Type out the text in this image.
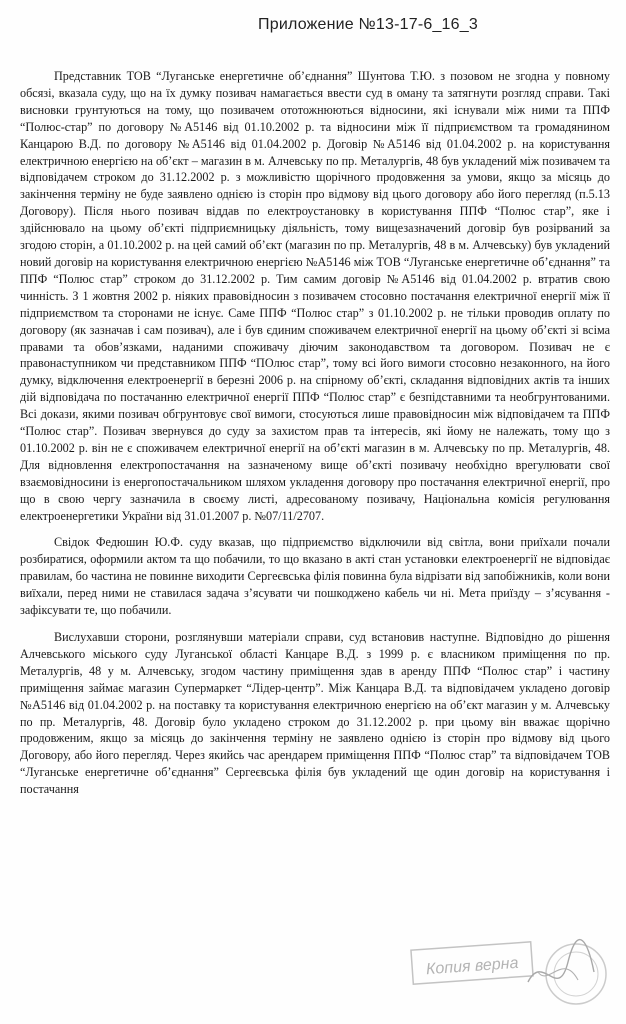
Приложение №13-17-6_16_3

Представник ТОВ “Луганське енергетичне об’єднання” Шунтова Т.Ю. з позовом не згодна у повному обсязі, вказала суду, що на їх думку позивач намагається ввести суд в оману та затягнути розгляд справи. Такі висновки грунтуються на тому, що позивачем ототожнюються відносини, які існували між ними та ППФ “Полюс-стар” по договору №А5146 від 01.10.2002 р. та відносини між її підприємством та громадянином Канцарою В.Д. по договору №А5146 від 01.04.2002 р. Договір №А5146 від 01.04.2002 р. на користування електричною енергією на об’єкт – магазин в м. Алчевську по пр. Металургів, 48 був укладений між позивачем та відповідачем строком до 31.12.2002 р. з можливістю щорічного продовження за умови, якщо за місяць до закінчення терміну не буде заявлено однією із сторін про відмову від цього договору або його перегляд (п.5.13 Договору). Після нього позивач віддав по електроустановку в користування ППФ “Полюс стар”, яке і здійснювало на цьому об’єкті підприємницьку діяльність, тому вищезазначений договір був розірваний за згодою сторін, а 01.10.2002 р. на цей самий об’єкт (магазин по пр. Металургів, 48 в м. Алчевську) був укладений новий договір на користування електричною енергією №А5146 між ТОВ “Луганське енергетичне об’єднання” та ППФ “Полюс стар” строком до 31.12.2002 р. Тим самим договір №А5146 від 01.04.2002 р. втратив свою чинність. З 1 жовтня 2002 р. ніяких правовідносин з позивачем стосовно постачання електричної енергії між її підприємством та сторонами не існує. Саме ППФ “Полюс стар” з 01.10.2002 р. не тільки проводив оплату по договору (як зазначав і сам позивач), але і був єдиним споживачем електричної енергії на цьому об’єкті зі всіма правами та обов’язками, наданими споживачу діючим законодавством та договором. Позивач не є правонаступником чи представником ППФ “ПОлюс стар”, тому всі його вимоги стосовно незаконного, на його думку, відключення електроенергії в березні 2006 р. на спірному об’єкті, складання відповідних актів та інших дій відповідача по постачанню електричної енергії ППФ “Полюс стар” є безпідставними та необгрунтованими. Всі докази, якими позивач обгрунтовує свої вимоги, стосуються лише правовідносин між відповідачем та ППФ “Полюс стар”. Позивач звернувся до суду за захистом прав та інтересів, які йому не належать, тому що з 01.10.2002 р. він не є споживачем електричної енергії на об’єкті магазин в м. Алчевську по пр. Металургів, 48. Для відновлення електропостачання на зазначеному вище об’єкті позивачу необхідно врегулювати свої взаємовідносини із енергопостачальником шляхом укладення договору про постачання електричної енергії, про що в свою чергу зазначила в своєму листі, адресованому позивачу, Національна комісія регулювання електроенергетики України від 31.01.2007 р. №07/11/2707.

Свідок Федюшин Ю.Ф. суду вказав, що підприємство відключили від світла, вони приїхали почали розбиратися, оформили актом та що побачили, то що вказано в акті стан установки електроенергії не відповідає правилам, бо частина не повинне виходити Сергеєвська філія повинна була відрізати від запобіжників, коли вони виїхали, перед ними не ставилася задача з’ясувати чи пошкоджено кабель чи ні. Мета приїзду – з’ясування - зафіксувати те, що побачили.

Вислухавши сторони, розглянувши матеріали справи, суд встановив наступне. Відповідно до рішення Алчевського міського суду Луганської області Канцаре В.Д. з 1999 р. є власником приміщення по пр. Металургів, 48 у м. Алчевську, згодом частину приміщення здав в аренду ППФ “Полюс стар” і частину приміщення займає магазин Супермаркет “Лідер-центр”. Між Канцара В.Д. та відповідачем укладено договір №А5146 від 01.04.2002 р. на поставку та користування електричною енергією на об’єкт магазин у м. Алчевську по пр. Металургів, 48. Договір було укладено строком до 31.12.2002 р. при цьому він вважає щорічно продовженим, якщо за місяць до закінчення терміну не заявлено однією із сторін про відмову від цього Договору, або його перегляд. Через якийсь час арендарем приміщення ППФ “Полюс стар” та відповідачем ТОВ “Луганське енергетичне об’єднання” Сергеєвська філія був укладений ще один договір на користування і постачання

Копия верна
